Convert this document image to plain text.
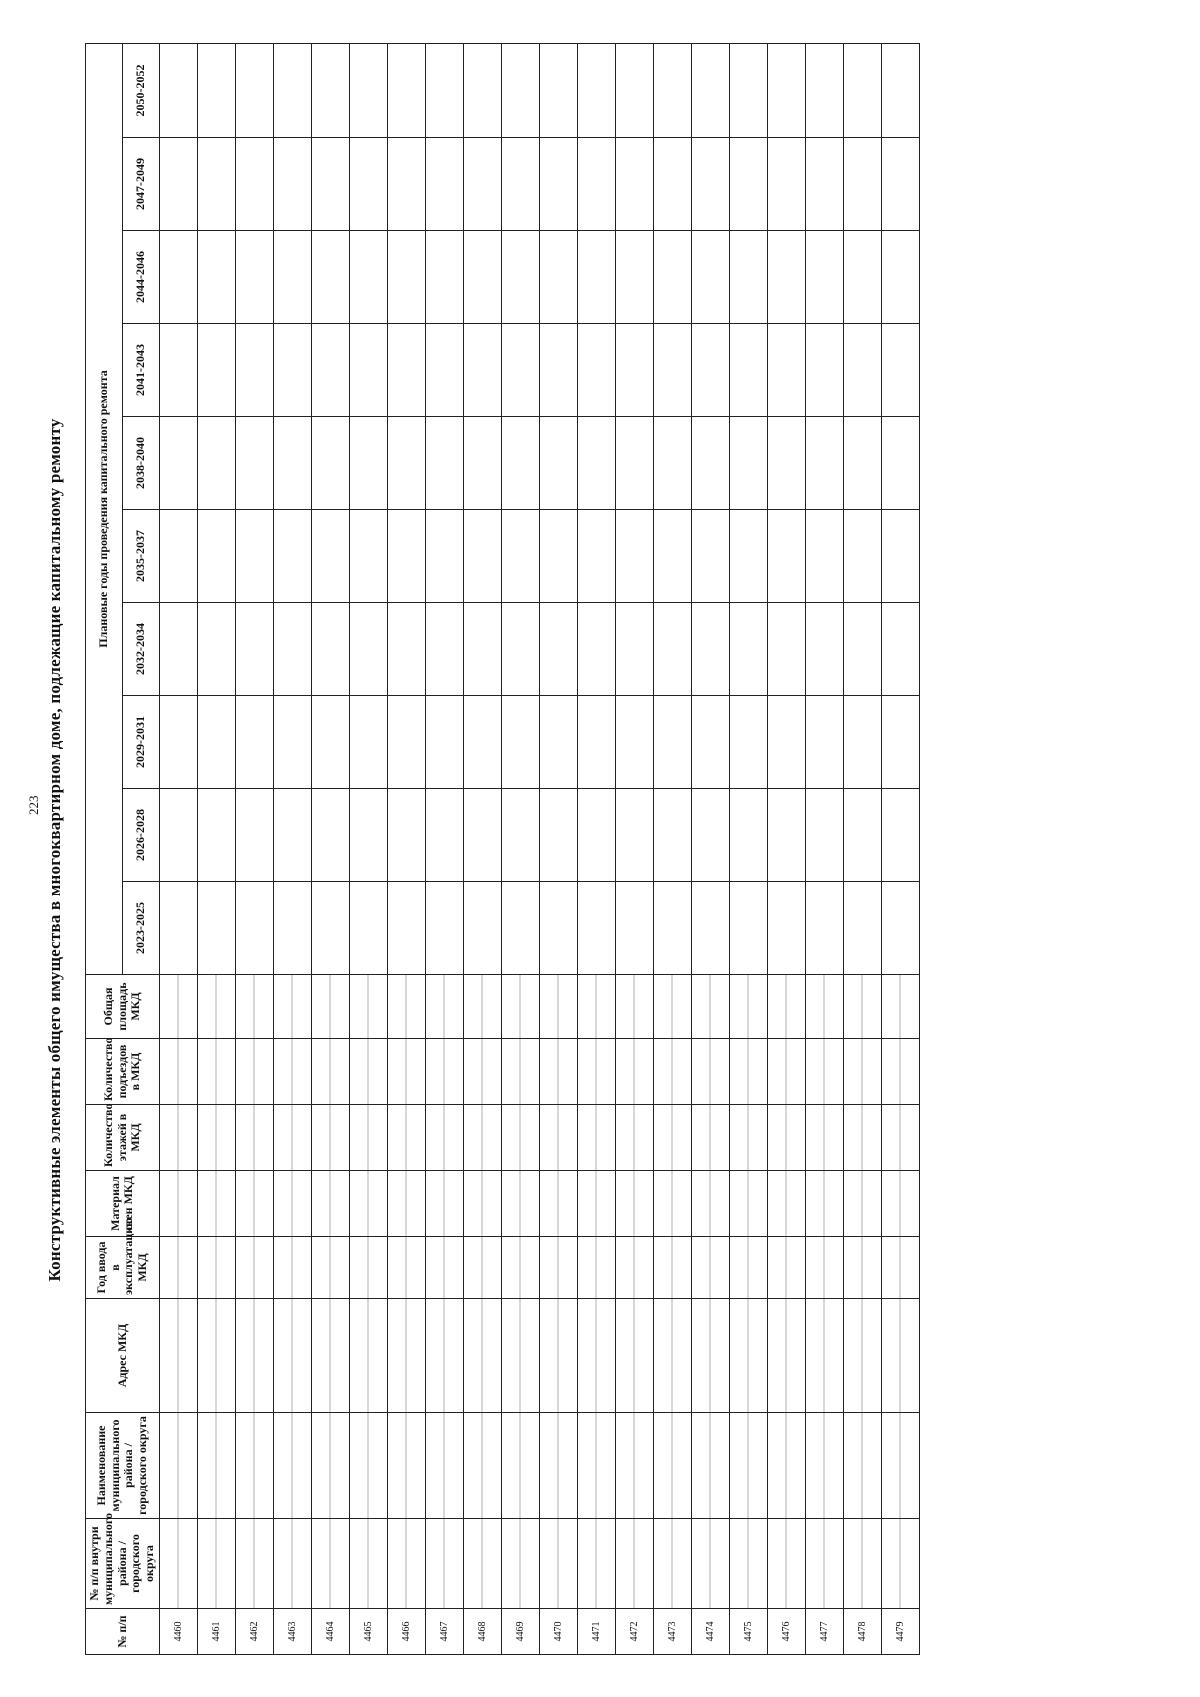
223 Конструктивные элементы общего имущества в многоквартирном доме, подлежащие капитальному ремонту
№ п/п	№ п/п внутри муниципального района / городского округа	Наименование муниципального района / городского округа	Адрес МКД	Год ввода в эксплуатацию МКД	Материал стен МКД	Количество этажей в МКД	Количество подъездов в МКД	Общая площадь МКД	Плановые годы проведения капитального ремонта									
									2023-2025	2026-2028	2029-2031	2032-2034	2035-2037	2038-2040	2041-2043	2044-2046	2047-2049	2050-2052
4460																		
4461																		
4462																		
4463																		
4464																		
4465																		
4466																		
4467																		
4468																		
4469																		
4470																		
4471																		
4472																		
4473																		
4474																		
4475																		
4476																		
4477																		
4478																		
4479																		
